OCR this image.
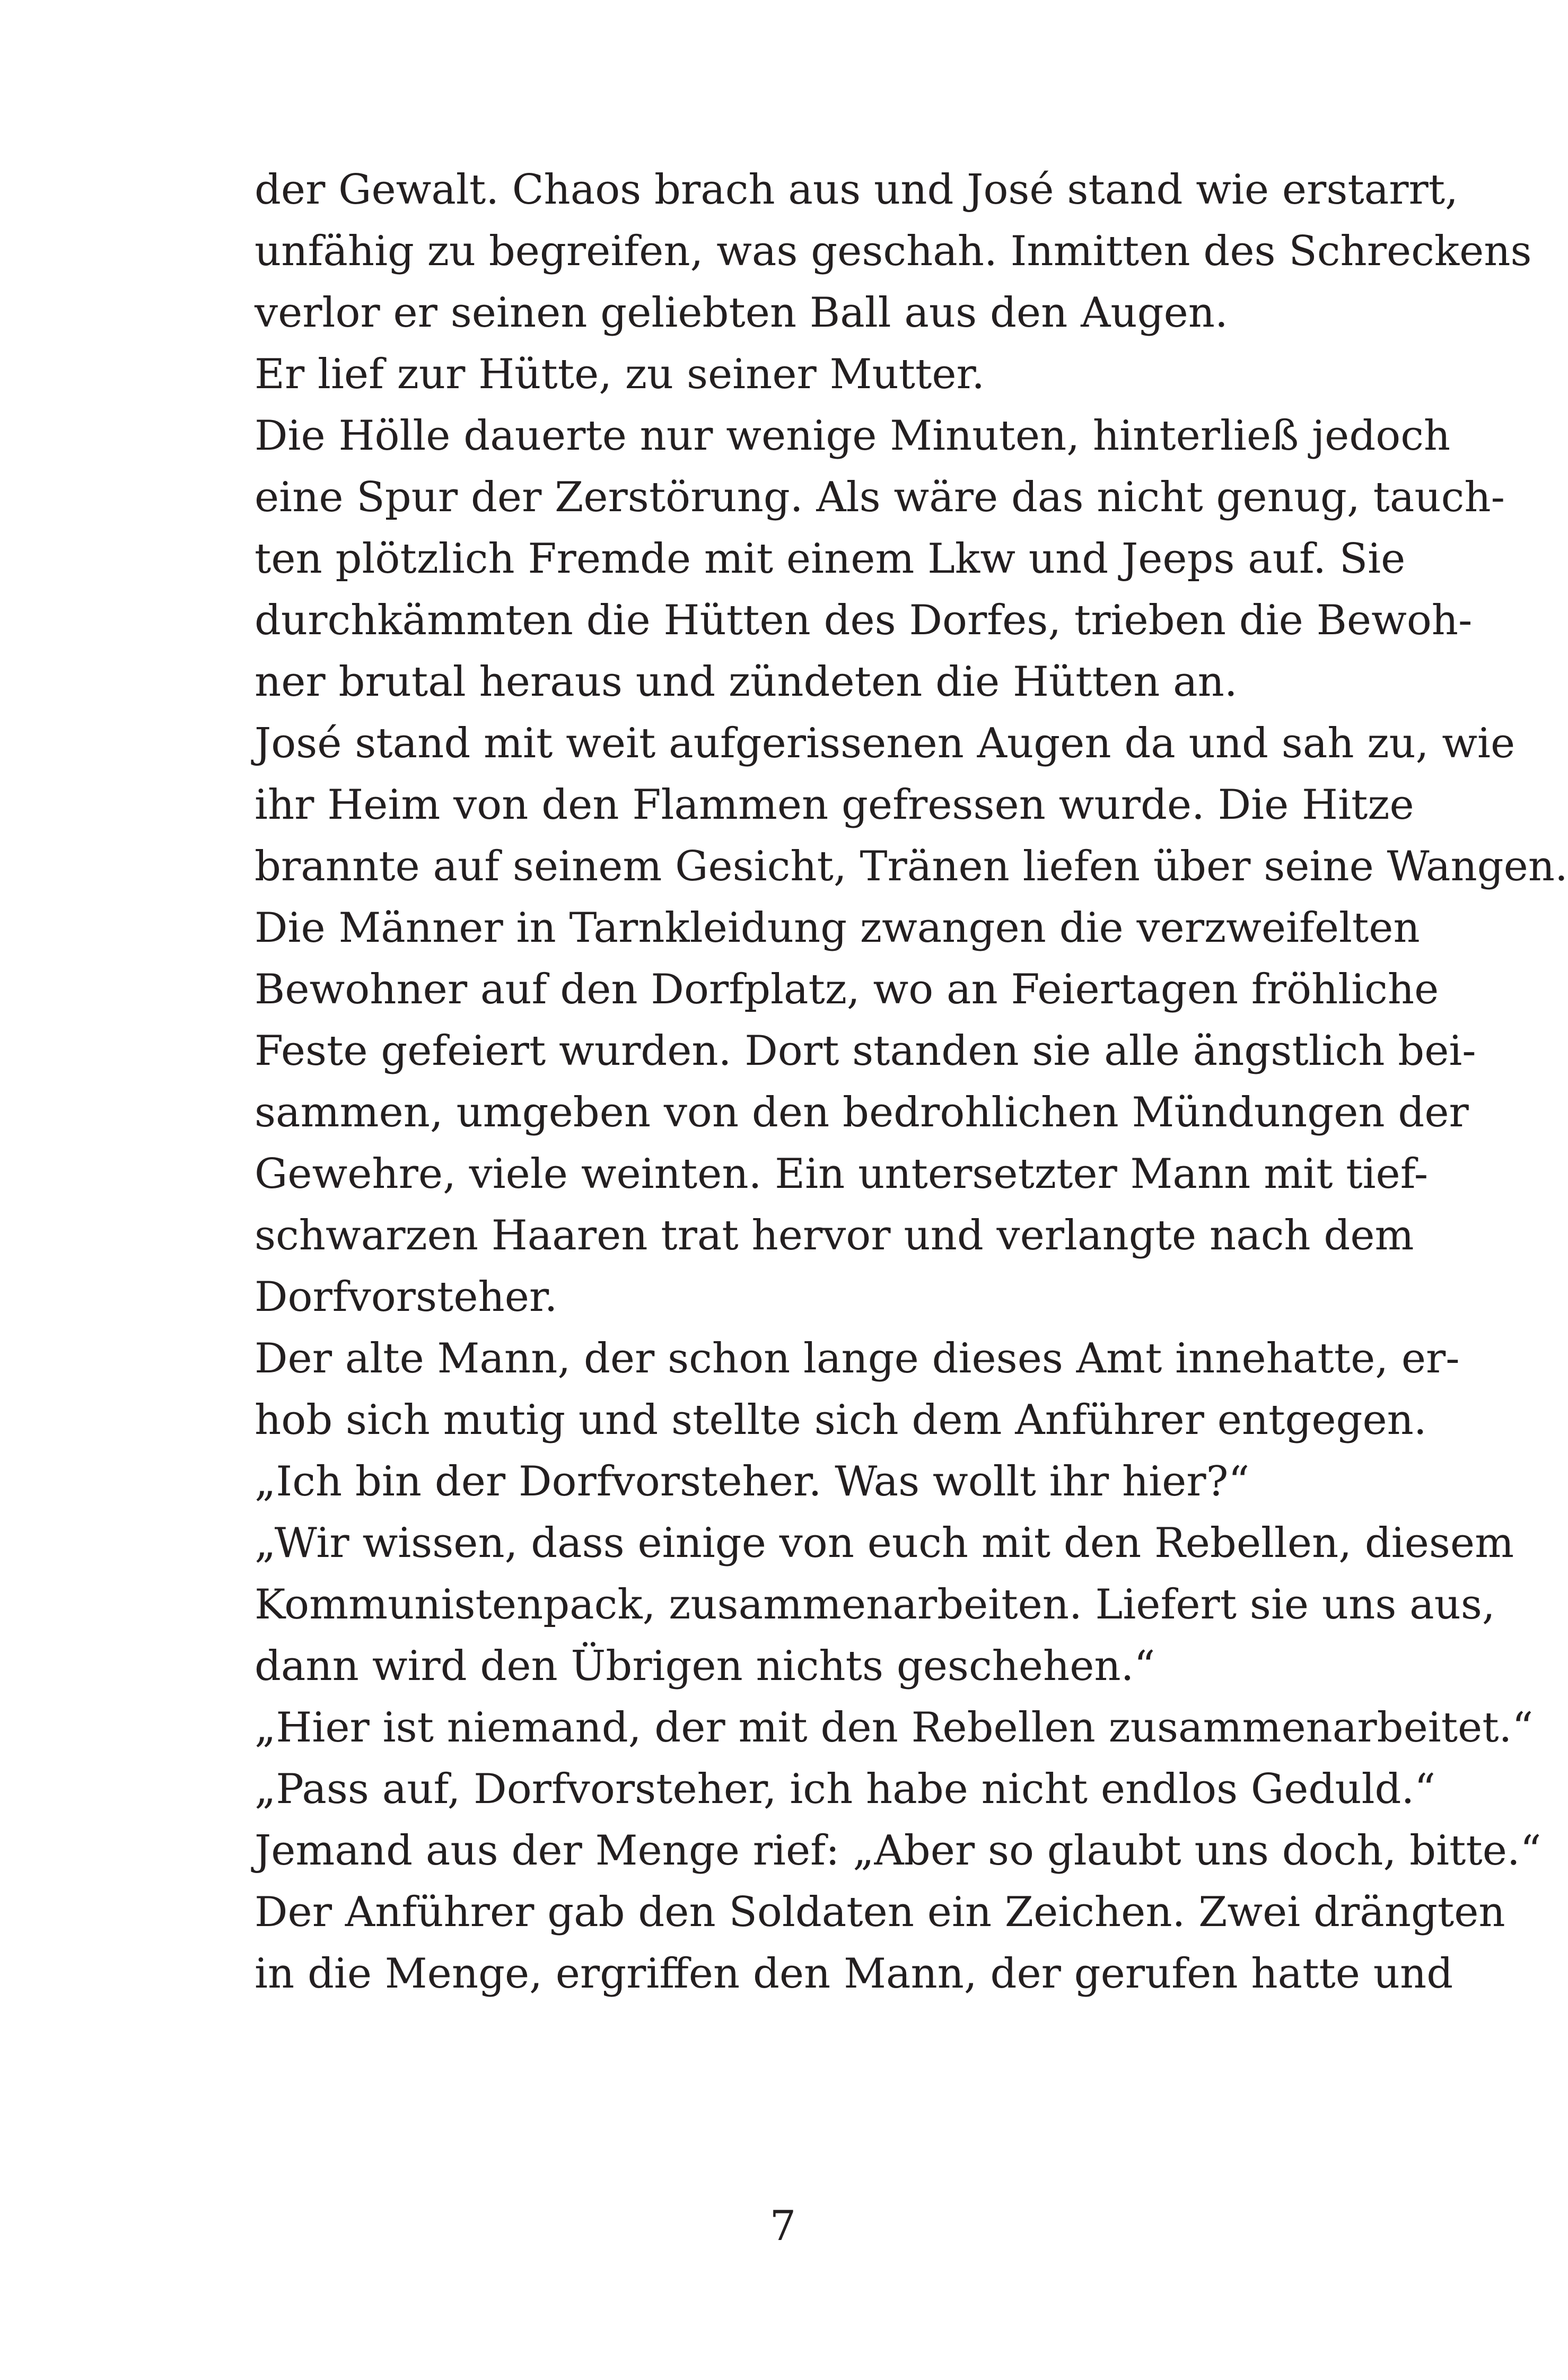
der Gewalt. Chaos brach aus und José stand wie erstarrt,
unfähig zu begreifen, was geschah. Inmitten des Schreckens
verlor er seinen geliebten Ball aus den Augen.
Er lief zur Hütte, zu seiner Mutter.
Die Hölle dauerte nur wenige Minuten, hinterließ jedoch
eine Spur der Zerstörung. Als wäre das nicht genug, tauch-
ten plötzlich Fremde mit einem Lkw und Jeeps auf. Sie
durchkämmten die Hütten des Dorfes, trieben die Bewoh-
ner brutal heraus und zündeten die Hütten an.
José stand mit weit aufgerissenen Augen da und sah zu, wie
ihr Heim von den Flammen gefressen wurde. Die Hitze
brannte auf seinem Gesicht, Tränen liefen über seine Wangen.
Die Männer in Tarnkleidung zwangen die verzweifelten
Bewohner auf den Dorfplatz, wo an Feiertagen fröhliche
Feste gefeiert wurden. Dort standen sie alle ängstlich bei-
sammen, umgeben von den bedrohlichen Mündungen der
Gewehre, viele weinten. Ein untersetzter Mann mit tief-
schwarzen Haaren trat hervor und verlangte nach dem
Dorfvorsteher.
Der alte Mann, der schon lange dieses Amt innehatte, er-
hob sich mutig und stellte sich dem Anführer entgegen.
„Ich bin der Dorfvorsteher. Was wollt ihr hier?“
„Wir wissen, dass einige von euch mit den Rebellen, diesem
Kommunistenpack, zusammenarbeiten. Liefert sie uns aus,
dann wird den Übrigen nichts geschehen.“
„Hier ist niemand, der mit den Rebellen zusammenarbeitet.“
„Pass auf, Dorfvorsteher, ich habe nicht endlos Geduld.“
Jemand aus der Menge rief: „Aber so glaubt uns doch, bitte.“
Der Anführer gab den Soldaten ein Zeichen. Zwei drängten
in die Menge, ergriffen den Mann, der gerufen hatte und
7
